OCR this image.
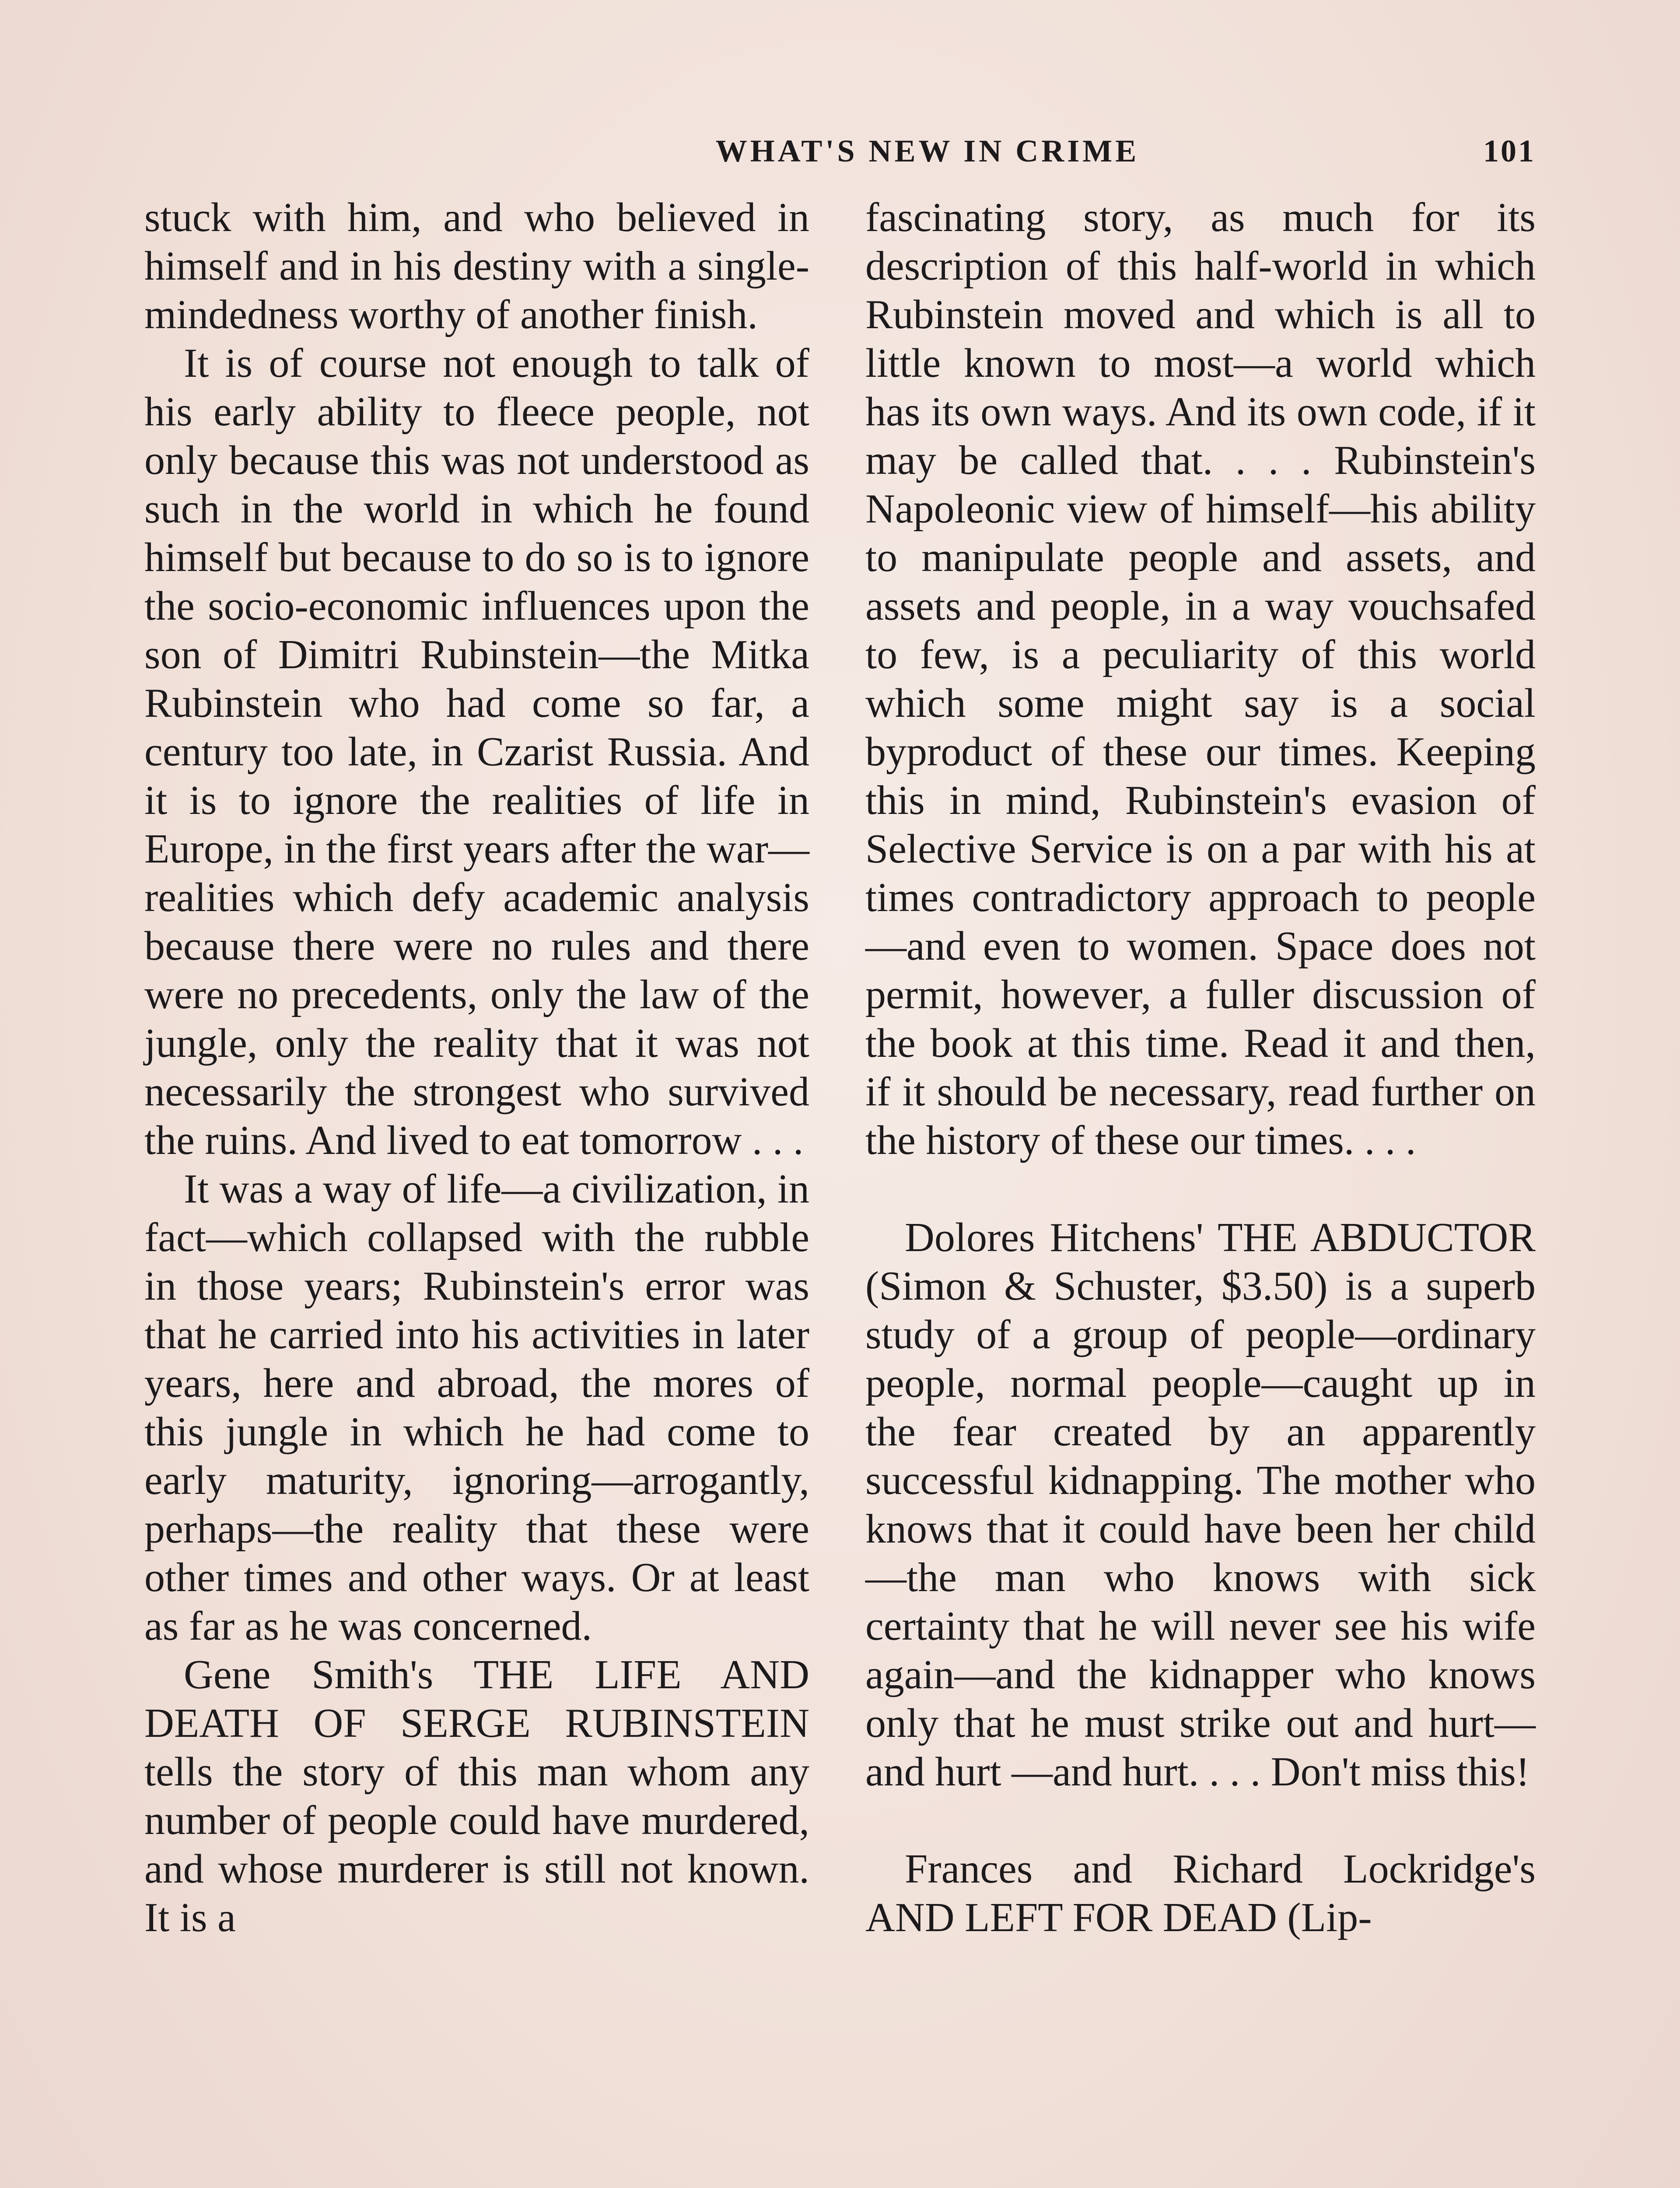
WHAT'S NEW IN CRIME	101

stuck with him, and who believed in himself and in his destiny with a single-mindedness worthy of another finish.

It is of course not enough to talk of his early ability to fleece people, not only because this was not understood as such in the world in which he found himself but because to do so is to ignore the socio-economic influences upon the son of Dimitri Rubinstein—the Mitka Rubinstein who had come so far, a century too late, in Czarist Russia. And it is to ignore the realities of life in Europe, in the first years after the war—realities which defy academic analysis because there were no rules and there were no precedents, only the law of the jungle, only the reality that it was not necessarily the strongest who survived the ruins. And lived to eat tomorrow . . .

It was a way of life—a civilization, in fact—which collapsed with the rubble in those years; Rubinstein's error was that he carried into his activities in later years, here and abroad, the mores of this jungle in which he had come to early maturity, ignoring—arrogantly, perhaps—the reality that these were other times and other ways. Or at least as far as he was concerned.

Gene Smith's THE LIFE AND DEATH OF SERGE RUBINSTEIN tells the story of this man whom any number of people could have murdered, and whose murderer is still not known. It is a

fascinating story, as much for its description of this half-world in which Rubinstein moved and which is all to little known to most—a world which has its own ways. And its own code, if it may be called that. . . . Rubinstein's Napoleonic view of himself—his ability to manipulate people and assets, and assets and people, in a way vouchsafed to few, is a peculiarity of this world which some might say is a social byproduct of these our times. Keeping this in mind, Rubinstein's evasion of Selective Service is on a par with his at times contradictory approach to people—and even to women. Space does not permit, however, a fuller discussion of the book at this time. Read it and then, if it should be necessary, read further on the history of these our times. . . .

Dolores Hitchens' THE ABDUCTOR (Simon & Schuster, $3.50) is a superb study of a group of people—ordinary people, normal people—caught up in the fear created by an apparently successful kidnapping. The mother who knows that it could have been her child—the man who knows with sick certainty that he will never see his wife again—and the kidnapper who knows only that he must strike out and hurt—and hurt —and hurt. . . . Don't miss this!

Frances and Richard Lockridge's AND LEFT FOR DEAD (Lip-
